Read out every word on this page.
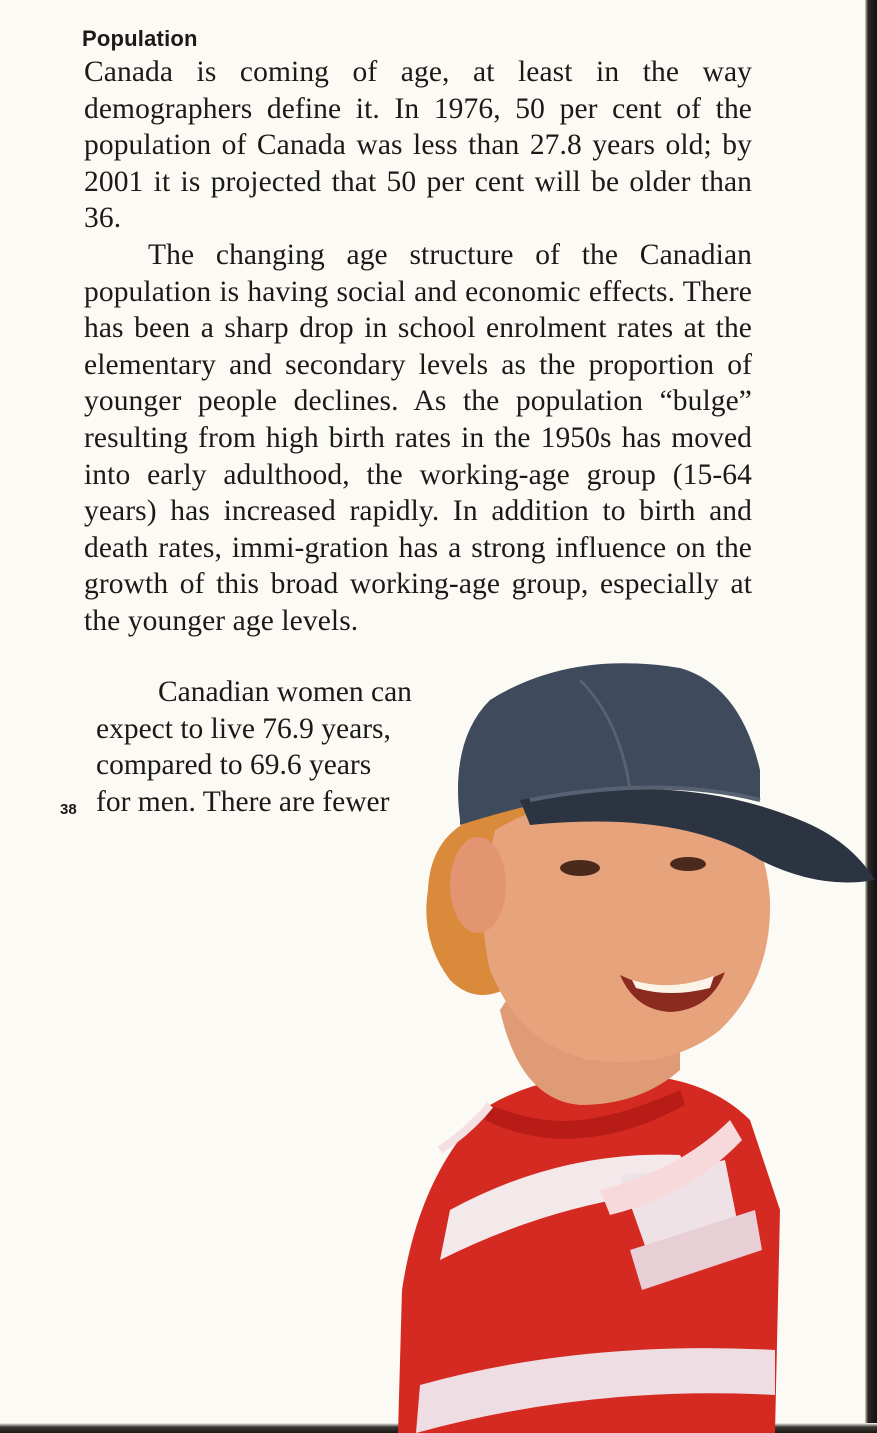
Population

Canada is coming of age, at least in the way demographers define it. In 1976, 50 per cent of the population of Canada was less than 27.8 years old; by 2001 it is projected that 50 per cent will be older than 36.

The changing age structure of the Canadian population is having social and economic effects. There has been a sharp drop in school enrolment rates at the elementary and secondary levels as the proportion of younger people declines. As the population “bulge” resulting from high birth rates in the 1950s has moved into early adulthood, the working-age group (15-64 years) has increased rapidly. In addition to birth and death rates, immi-gration has a strong influence on the growth of this broad working-age group, especially at the younger age levels.

Canadian women can
expect to live 76.9 years,
compared to 69.6 years
for men. There are fewer
38
